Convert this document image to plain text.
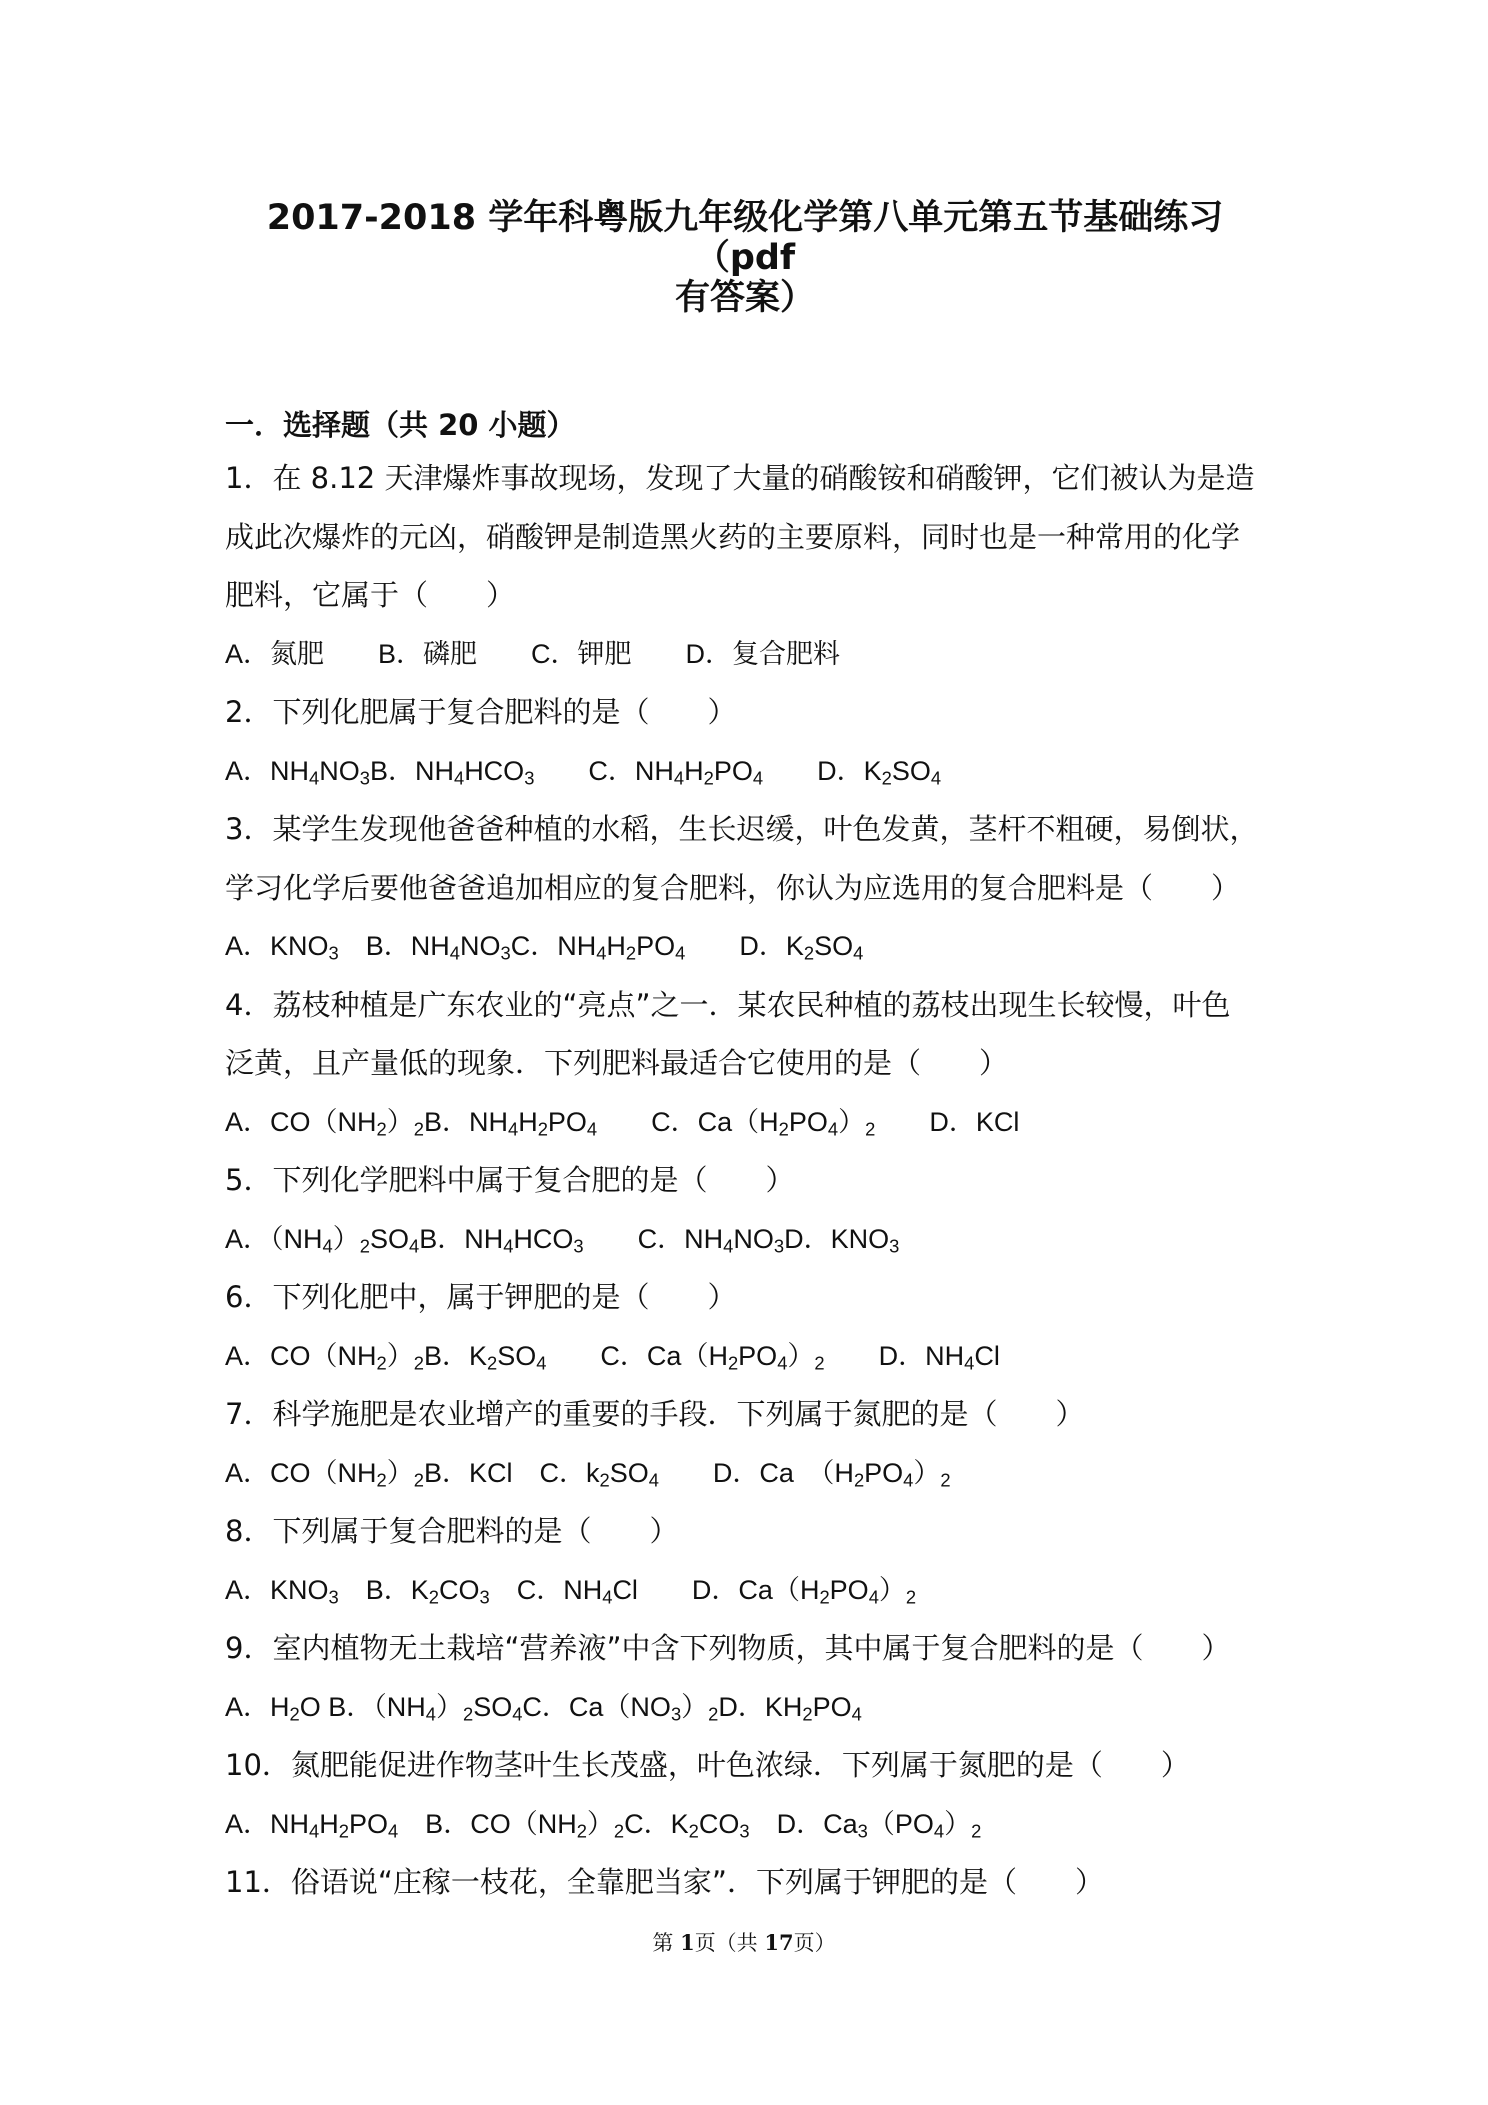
2017-2018 学年科粤版九年级化学第八单元第五节基础练习（pdf
有答案）
一．选择题（共 20 小题）
1．在 8.12 天津爆炸事故现场，发现了大量的硝酸铵和硝酸钾，它们被认为是造
成此次爆炸的元凶，硝酸钾是制造黑火药的主要原料，同时也是一种常用的化学
肥料，它属于（　　）
A．氮肥　　B．磷肥　　C．钾肥　　D．复合肥料
2．下列化肥属于复合肥料的是（　　）
A．$NH_4NO_3B$．$NH_4HCO_3$　　C．$NH_4H_2PO_4$　　D．$K_2SO_4$
3．某学生发现他爸爸种植的水稻，生长迟缓，叶色发黄，茎杆不粗硬，易倒状，
学习化学后要他爸爸追加相应的复合肥料，你认为应选用的复合肥料是（　　）
A．$KNO_3$　B．$NH_4NO_3C$．$NH_4H_2PO_4$　　D．$K_2SO_4$
4．荔枝种植是广东农业的“亮点”之一．某农民种植的荔枝出现生长较慢，叶色
泛黄，且产量低的现象．下列肥料最适合它使用的是（　　）
A．$CO(NH_2)_2B$．$NH_4H_2PO_4$　　C．$Ca(H_2PO_4)_2$　　D．KCl
5．下列化学肥料中属于复合肥的是（　　）
A．$(NH_4)_2SO_4B$．$NH_4HCO_3$　　C．$NH_4NO_3D$．$KNO_3$
6．下列化肥中，属于钾肥的是（　　）
A．$CO(NH_2)_2B$．$K_2SO_4$　　C．$Ca(H_2PO_4)_2$　　D．$NH_4Cl$
7．科学施肥是农业增产的重要的手段．下列属于氮肥的是（　　）
A．$CO(NH_2)_2B$．KCl　C．$k_2SO_4$　　D．Ca　$(H_2PO_4)_2$
8．下列属于复合肥料的是（　　）
A．$KNO_3$　B．$K_2CO_3$　C．$NH_4Cl$　　D．$Ca(H_2PO_4)_2$
9．室内植物无土栽培“营养液”中含下列物质，其中属于复合肥料的是（　　）
A．$H_2O$ B．$(NH_4)_2SO_4C$．$Ca(NO_3)_2D$．$KH_2PO_4$
10．氮肥能促进作物茎叶生长茂盛，叶色浓绿．下列属于氮肥的是（　　）
A．$NH_4H_2PO_4$　B．$CO(NH_2)_2C$．$K_2CO_3$　D．$Ca_3(PO_4)_2$
11．俗语说“庄稼一枝花，全靠肥当家”．下列属于钾肥的是（　　）
第 1页（共 17页）
